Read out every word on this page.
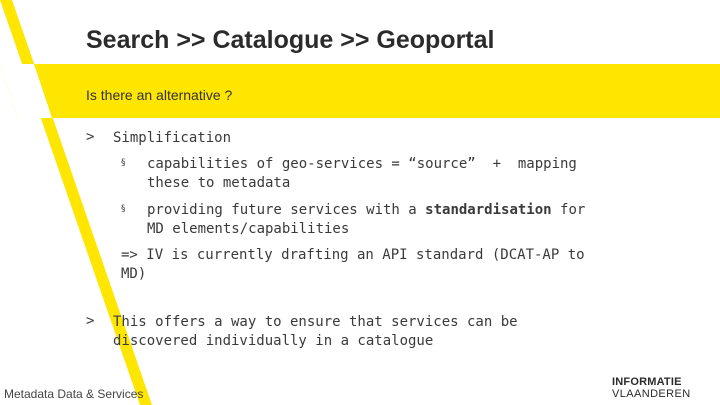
Search >> Catalogue >> Geoportal
Is there an alternative ?
> Simplification
§ capabilities of geo-services = “source”  +  mapping
these to metadata
§ providing future services with a standardisation for
MD elements/capabilities
=> IV is currently drafting an API standard (DCAT-AP to
MD)
> This offers a way to ensure that services can be
discovered individually in a catalogue
Metadata Data & Services
INFORMATIE
VLAANDEREN
